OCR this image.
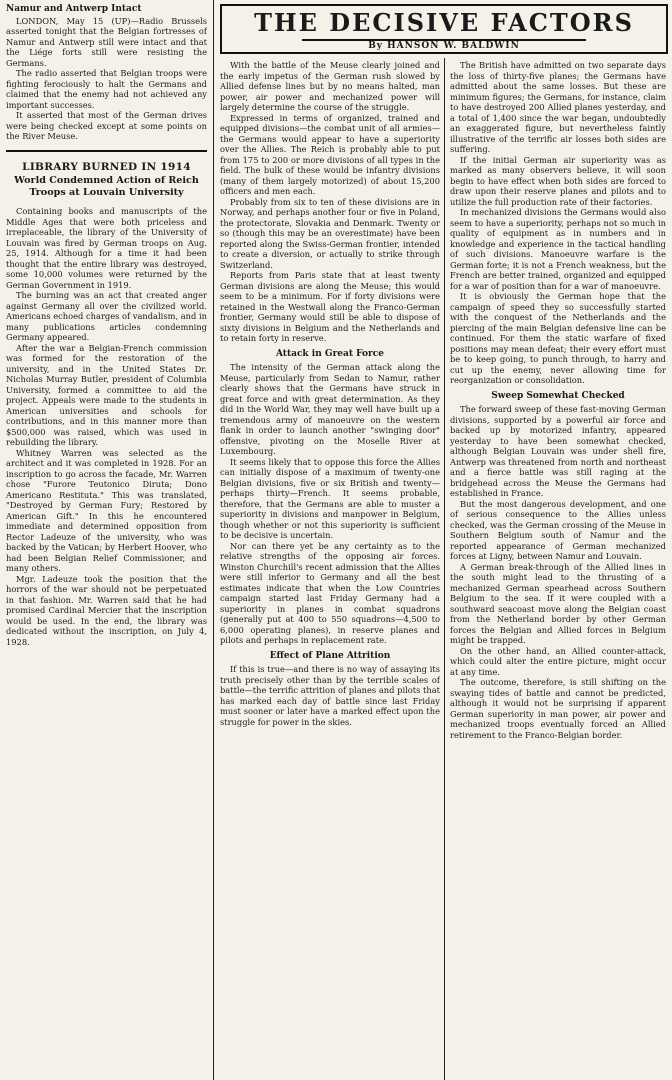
Namur and Antwerp Intact

LONDON, May 15 (UP)—Radio Brussels asserted tonight that the Belgian fortresses of Namur and Antwerp still were intact and that the Liége forts still were resisting the Germans.

The radio asserted that Belgian troops were fighting ferociously to halt the Germans and claimed that the enemy had not achieved any important successes.

It asserted that most of the German drives were being checked except at some points on the River Meuse.

LIBRARY BURNED IN 1914
World Condemned Action of Reich Troops at Louvain University

Containing books and manuscripts of the Middle Ages that were both priceless and irreplaceable, the library of the University of Louvain was fired by German troops on Aug. 25, 1914. Although for a time it had been thought that the entire library was destroyed, some 10,000 volumes were returned by the German Government in 1919.

The burning was an act that created anger against Germany all over the civilized world. Americans echoed charges of vandalism, and in many publications articles condemning Germany appeared.

After the war a Belgian-French commission was formed for the restoration of the university, and in the United States Dr. Nicholas Murray Butler, president of Columbia University, formed a committee to aid the project. Appeals were made to the students in American universities and schools for contributions, and in this manner more than $500,000 was raised, which was used in rebuilding the library.

Whitney Warren was selected as the architect and it was completed in 1928. For an inscription to go across the facade, Mr. Warren chose "Furore Teutonico Diruta; Dono Americano Restituta." This was translated, "Destroyed by German Fury; Restored by American Gift." In this he encountered immediate and determined opposition from Rector Ladeuze of the university, who was backed by the Vatican; by Herbert Hoover, who had been Belgian Relief Commissioner, and many others.

Mgr. Ladeuze took the position that the horrors of the war should not be perpetuated in that fashion. Mr. Warren said that he had promised Cardinal Mercier that the inscription would be used. In the end, the library was dedicated without the inscription, on July 4, 1928.

THE DECISIVE FACTORS
By HANSON W. BALDWIN

With the battle of the Meuse clearly joined and the early impetus of the German rush slowed by Allied defense lines but by no means halted, man power, air power and mechanized power will largely determine the course of the struggle.

Expressed in terms of organized, trained and equipped divisions—the combat unit of all armies—the Germans would appear to have a superiority over the Allies. The Reich is probably able to put from 175 to 200 or more divisions of all types in the field. The bulk of these would be infantry divisions (many of them largely motorized) of about 15,200 officers and men each.

Probably from six to ten of these divisions are in Norway, and perhaps another four or five in Poland, the protectorate, Slovakia and Denmark. Twenty or so (though this may be an overestimate) have been reported along the Swiss-German frontier, intended to create a diversion, or actually to strike through Switzerland.

Reports from Paris state that at least twenty German divisions are along the Meuse; this would seem to be a minimum. For if forty divisions were retained in the Westwall along the Franco-German frontier, Germany would still be able to dispose of sixty divisions in Belgium and the Netherlands and to retain forty in reserve.

Attack in Great Force

The intensity of the German attack along the Meuse, particularly from Sedan to Namur, rather clearly shows that the Germans have struck in great force and with great determination. As they did in the World War, they may well have built up a tremendous army of manoeuvre on the western flank in order to launch another "swinging door" offensive, pivoting on the Moselle River at Luxembourg.

It seems likely that to oppose this force the Allies can initially dispose of a maximum of twenty-one Belgian divisions, five or six British and twenty—perhaps thirty—French. It seems probable, therefore, that the Germans are able to muster a superiority in divisions and manpower in Belgium, though whether or not this superiority is sufficient to be decisive is uncertain.

Nor can there yet be any certainty as to the relative strengths of the opposing air forces. Winston Churchill's recent admission that the Allies were still inferior to Germany and all the best estimates indicate that when the Low Countries campaign started last Friday Germany had a superiority in planes in combat squadrons (generally put at 400 to 550 squadrons—4,500 to 6,000 operating planes), in reserve planes and pilots and perhaps in replacement rate.

Effect of Plane Attrition

If this is true—and there is no way of assaying its truth precisely other than by the terrible scales of battle—the terrific attrition of planes and pilots that has marked each day of battle since last Friday must sooner or later have a marked effect upon the struggle for power in the skies.

The British have admitted on two separate days the loss of thirty-five planes; the Germans have admitted about the same losses. But these are minimum figures; the Germans, for instance, claim to have destroyed 200 Allied planes yesterday, and a total of 1,400 since the war began, undoubtedly an exaggerated figure, but nevertheless faintly illustrative of the terrific air losses both sides are suffering.

If the initial German air superiority was as marked as many observers believe, it will soon begin to have effect when both sides are forced to draw upon their reserve planes and pilots and to utilize the full production rate of their factories.

In mechanized divisions the Germans would also seem to have a superiority, perhaps not so much in quality of equipment as in numbers and in knowledge and experience in the tactical handling of such divisions. Manoeuvre warfare is the German forte; it is not a French weakness, but the French are better trained, organized and equipped for a war of position than for a war of manoeuvre.

It is obviously the German hope that the campaign of speed they so successfully started with the conquest of the Netherlands and the piercing of the main Belgian defensive line can be continued. For them the static warfare of fixed positions may mean defeat; their every effort must be to keep going, to punch through, to harry and cut up the enemy, never allowing time for reorganization or consolidation.

Sweep Somewhat Checked

The forward sweep of these fast-moving German divisions, supported by a powerful air force and backed up by motorized infantry, appeared yesterday to have been somewhat checked, although Belgian Louvain was under shell fire, Antwerp was threatened from north and northeast and a fierce battle was still raging at the bridgehead across the Meuse the Germans had established in France.

But the most dangerous development, and one of serious consequence to the Allies unless checked, was the German crossing of the Meuse in Southern Belgium south of Namur and the reported appearance of German mechanized forces at Ligny, between Namur and Louvain.

A German break-through of the Allied lines in the south might lead to the thrusting of a mechanized German spearhead across Southern Belgium to the sea. If it were coupled with a southward seacoast move along the Belgian coast from the Netherland border by other German forces the Belgian and Allied forces in Belgium might be trapped.

On the other hand, an Allied counter-attack, which could alter the entire picture, might occur at any time.

The outcome, therefore, is still shifting on the swaying tides of battle and cannot be predicted, although it would not be surprising if apparent German superiority in man power, air power and mechanized troops eventually forced an Allied retirement to the Franco-Belgian border.
